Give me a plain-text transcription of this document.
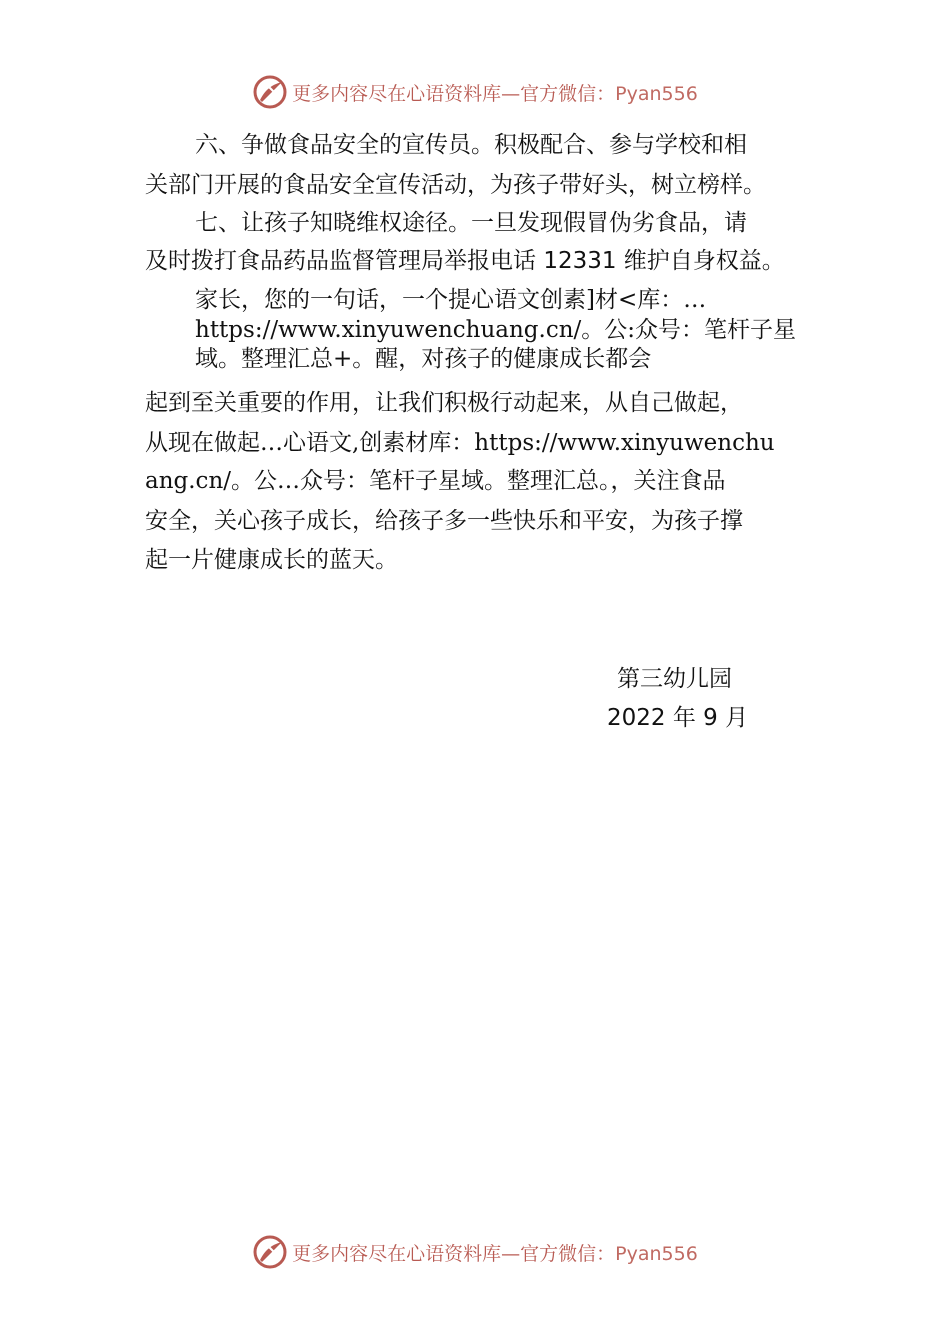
更多内容尽在心语资料库—官方微信：Pyan556
六、争做食品安全的宣传员。积极配合、参与学校和相
关部门开展的食品安全宣传活动，为孩子带好头，树立榜样。
七、让孩子知晓维权途径。一旦发现假冒伪劣食品，请
及时拨打食品药品监督管理局举报电话 12331 维护自身权益。
家长，您的一句话，一个提心语文创素]材<库：…
https://www.xinyuwenchuang.cn/。公:众号：笔杆子星
域。整理汇总+。醒，对孩子的健康成长都会
起到至关重要的作用，让我们积极行动起来，从自己做起，
从现在做起…心语文,创素材库：https://www.xinyuwenchu
ang.cn/。公…众号：笔杆子星域。整理汇总。，关注食品
安全，关心孩子成长，给孩子多一些快乐和平安，为孩子撑
起一片健康成长的蓝天。
第三幼儿园
2022 年 9 月
更多内容尽在心语资料库—官方微信：Pyan556
